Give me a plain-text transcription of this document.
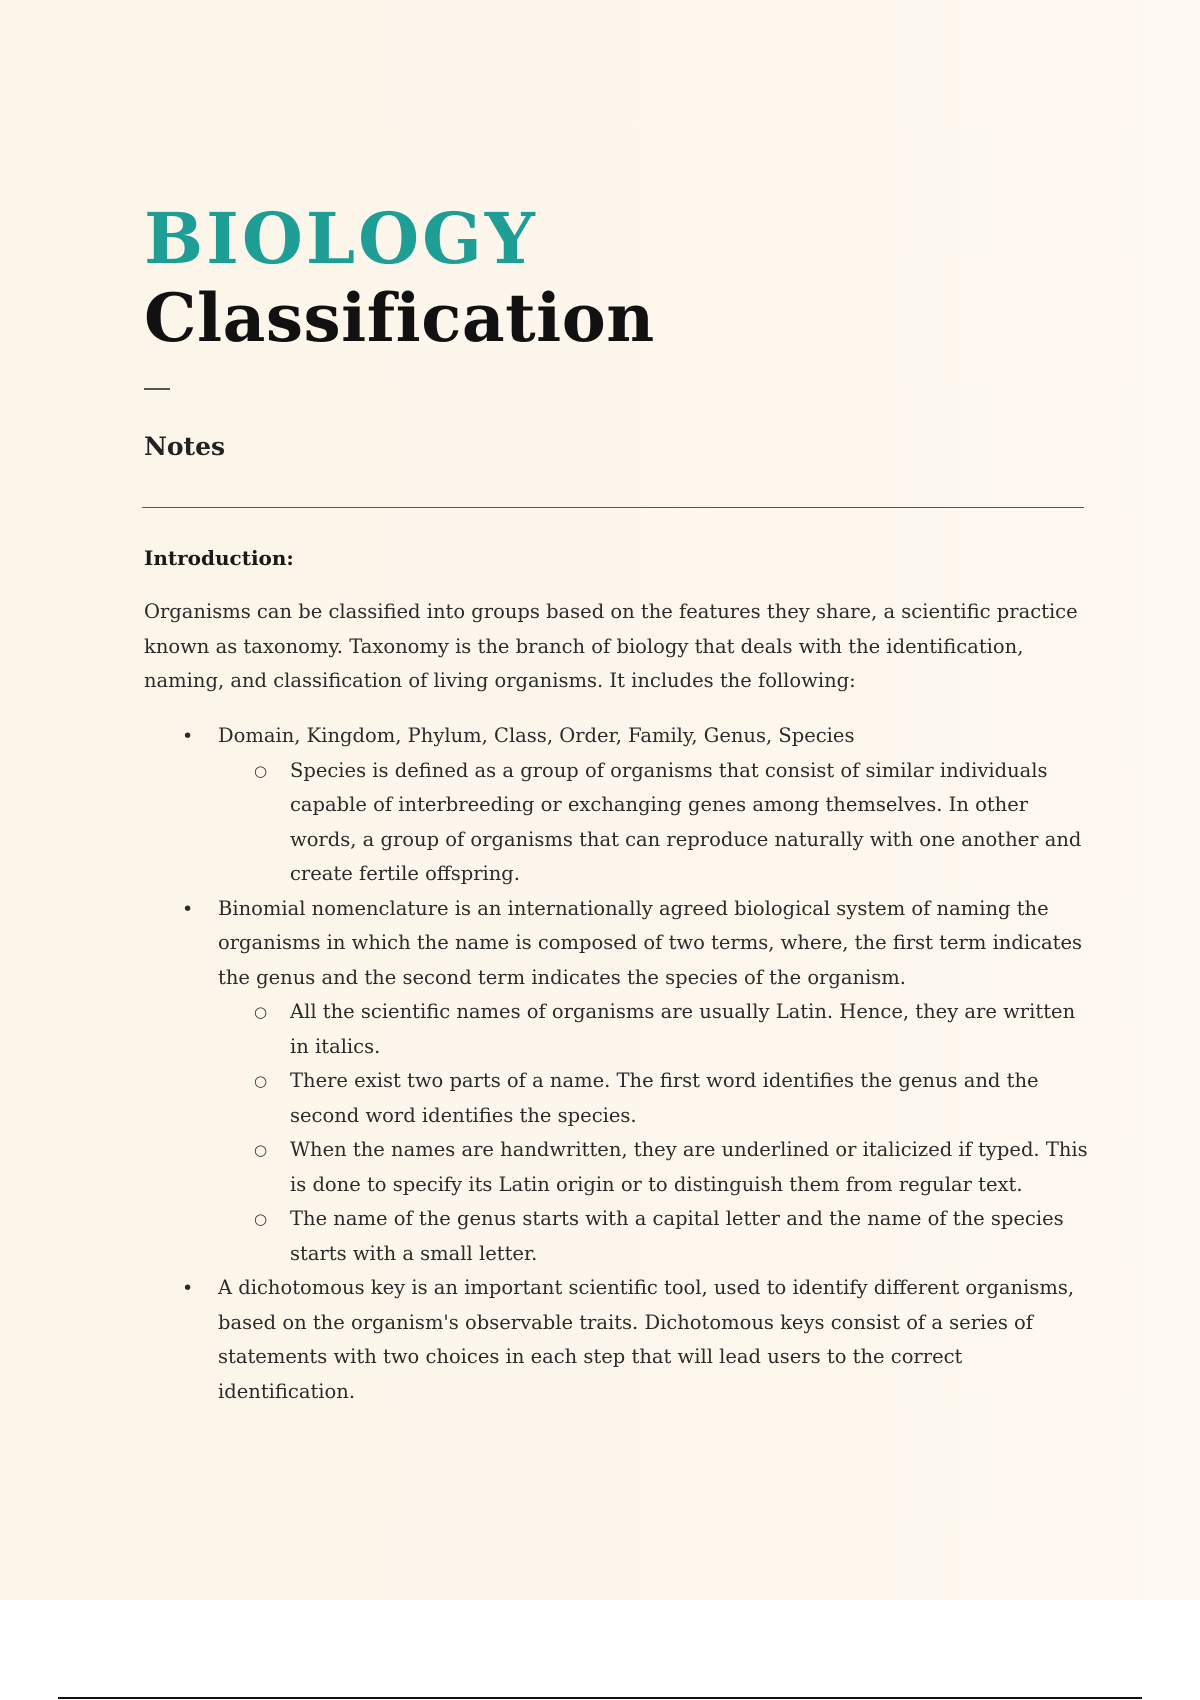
BIOLOGY
Classification
Notes
Introduction:

Organisms can be classified into groups based on the features they share, a scientific practice known as taxonomy. Taxonomy is the branch of biology that deals with the identification, naming, and classification of living organisms. It includes the following:

• Domain, Kingdom, Phylum, Class, Order, Family, Genus, Species
○ Species is defined as a group of organisms that consist of similar individuals capable of interbreeding or exchanging genes among themselves. In other words, a group of organisms that can reproduce naturally with one another and create fertile offspring.
• Binomial nomenclature is an internationally agreed biological system of naming the organisms in which the name is composed of two terms, where, the first term indicates the genus and the second term indicates the species of the organism.
○ All the scientific names of organisms are usually Latin. Hence, they are written in italics.
○ There exist two parts of a name. The first word identifies the genus and the second word identifies the species.
○ When the names are handwritten, they are underlined or italicized if typed. This is done to specify its Latin origin or to distinguish them from regular text.
○ The name of the genus starts with a capital letter and the name of the species starts with a small letter.
• A dichotomous key is an important scientific tool, used to identify different organisms, based on the organism's observable traits. Dichotomous keys consist of a series of statements with two choices in each step that will lead users to the correct identification.
